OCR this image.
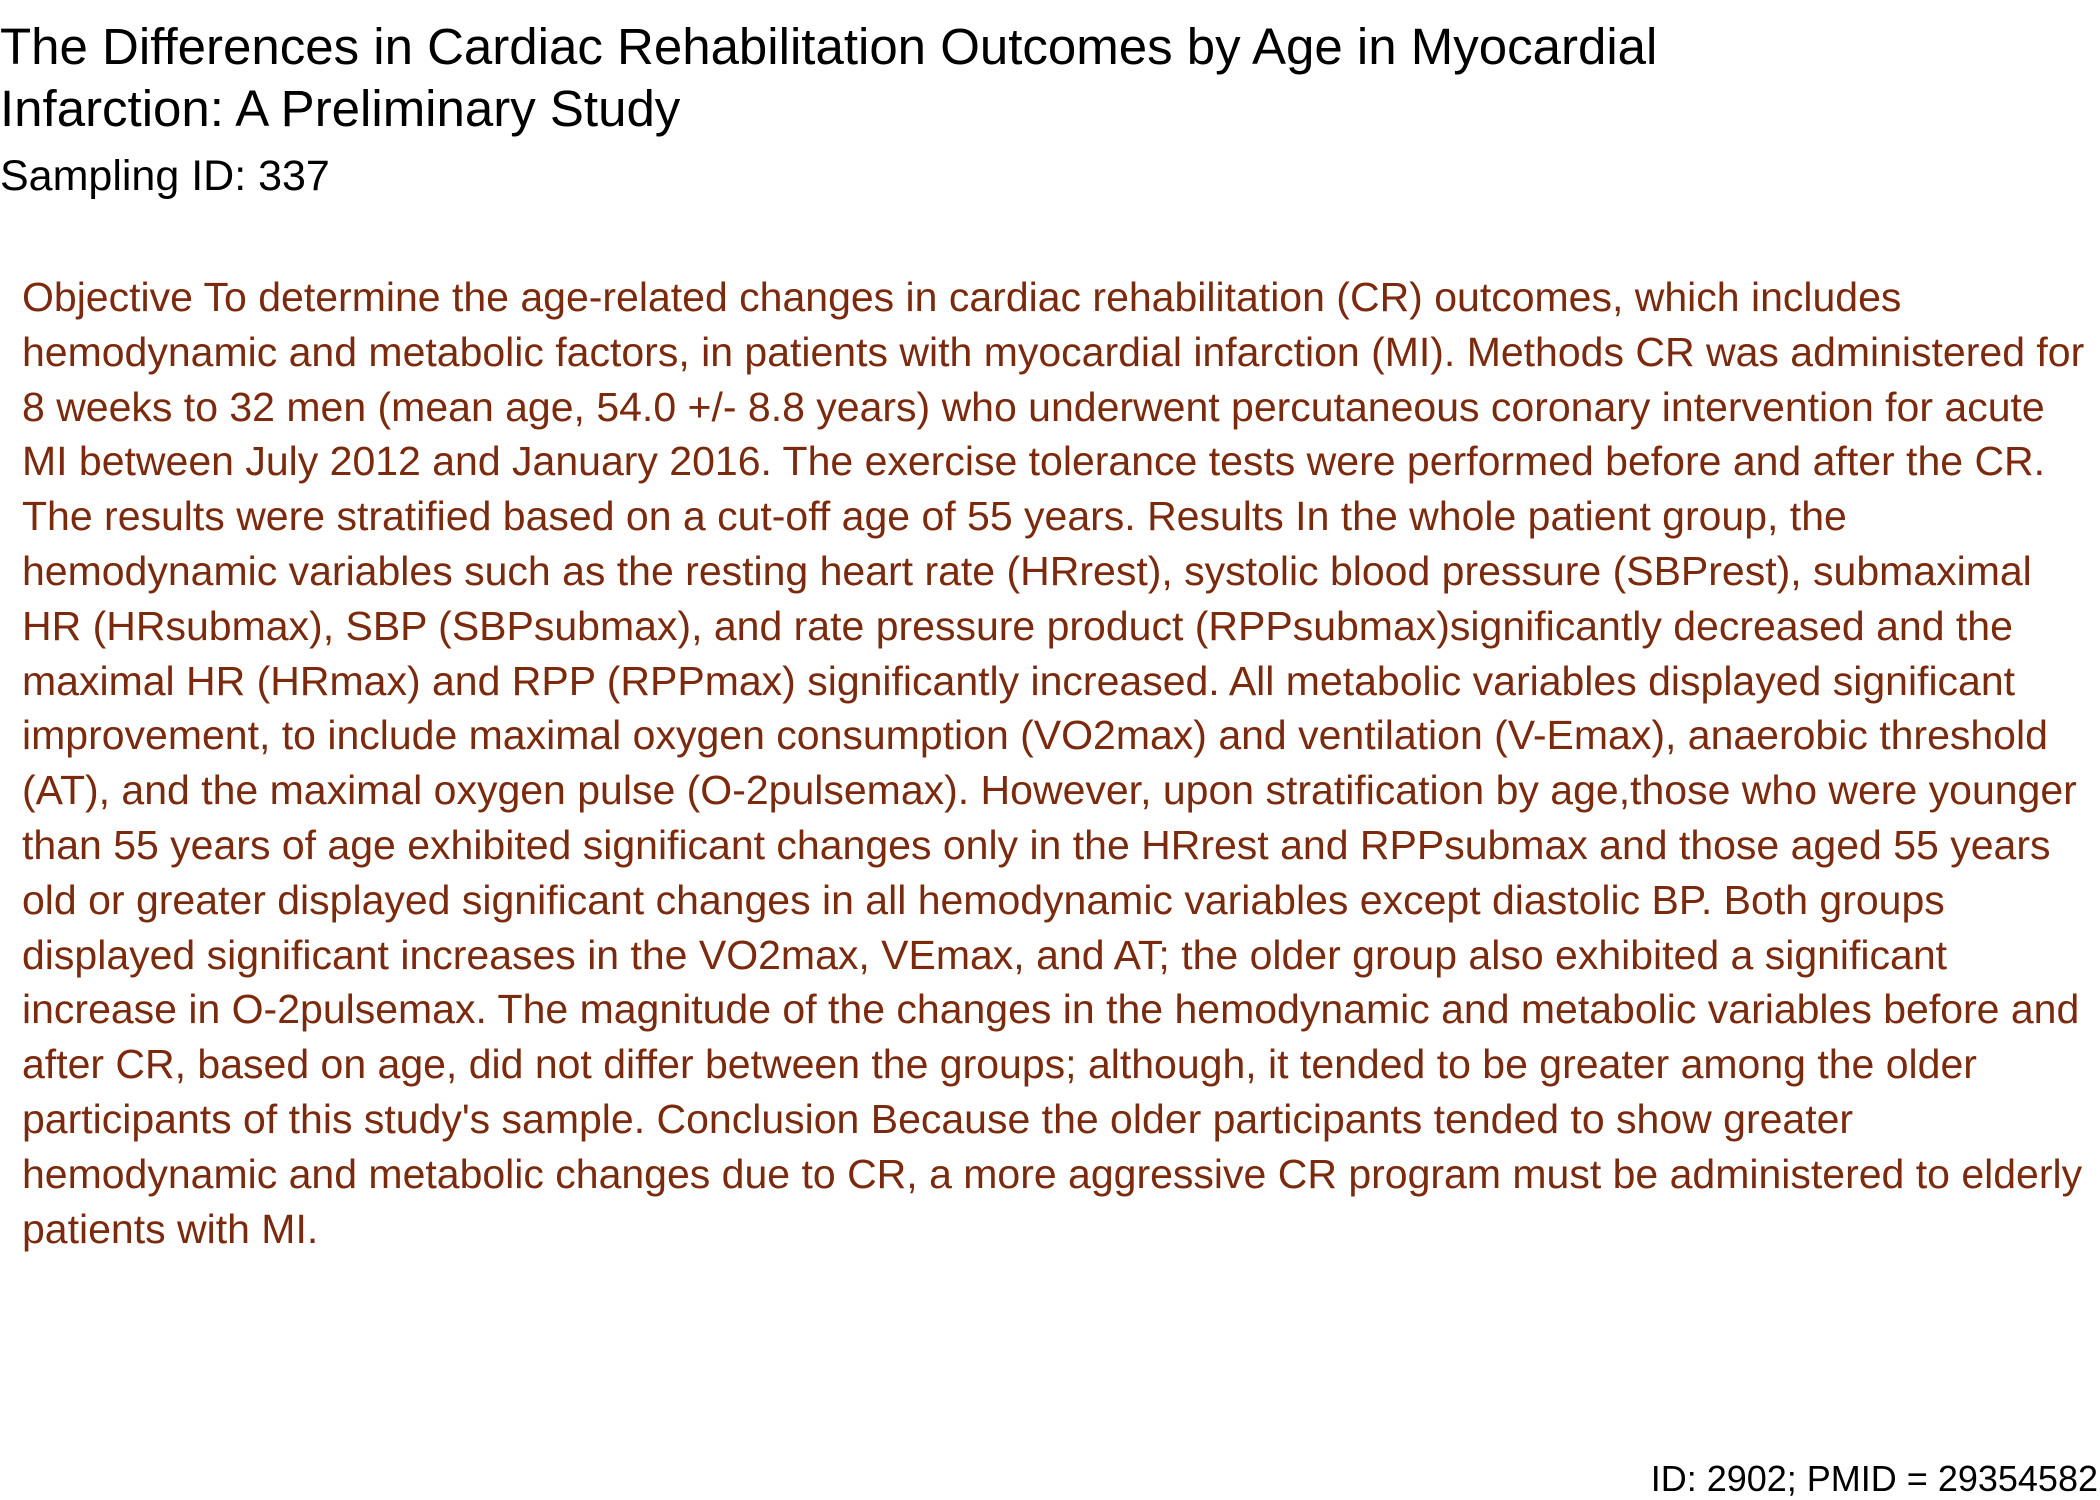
The Differences in Cardiac Rehabilitation Outcomes by Age in Myocardial Infarction: A Preliminary Study

Sampling ID: 337

Objective To determine the age-related changes in cardiac rehabilitation (CR) outcomes, which includes hemodynamic and metabolic factors, in patients with myocardial infarction (MI). Methods CR was administered for 8 weeks to 32 men (mean age, 54.0 +/- 8.8 years) who underwent percutaneous coronary intervention for acute MI between July 2012 and January 2016. The exercise tolerance tests were performed before and after the CR. The results were stratified based on a cut-off age of 55 years. Results In the whole patient group, the hemodynamic variables such as the resting heart rate (HRrest), systolic blood pressure (SBPrest), submaximal HR (HRsubmax), SBP (SBPsubmax), and rate pressure product (RPPsubmax)significantly decreased and the maximal HR (HRmax) and RPP (RPPmax) significantly increased. All metabolic variables displayed significant improvement, to include maximal oxygen consumption (VO2max) and ventilation (V-Emax), anaerobic threshold (AT), and the maximal oxygen pulse (O-2pulsemax). However, upon stratification by age,those who were younger than 55 years of age exhibited significant changes only in the HRrest and RPPsubmax and those aged 55 years old or greater displayed significant changes in all hemodynamic variables except diastolic BP. Both groups displayed significant increases in the VO2max, VEmax, and AT; the older group also exhibited a significant increase in O-2pulsemax. The magnitude of the changes in the hemodynamic and metabolic variables before and after CR, based on age, did not differ between the groups; although, it tended to be greater among the older participants of this study's sample. Conclusion Because the older participants tended to show greater hemodynamic and metabolic changes due to CR, a more aggressive CR program must be administered to elderly patients with MI.

ID: 2902; PMID = 29354582
